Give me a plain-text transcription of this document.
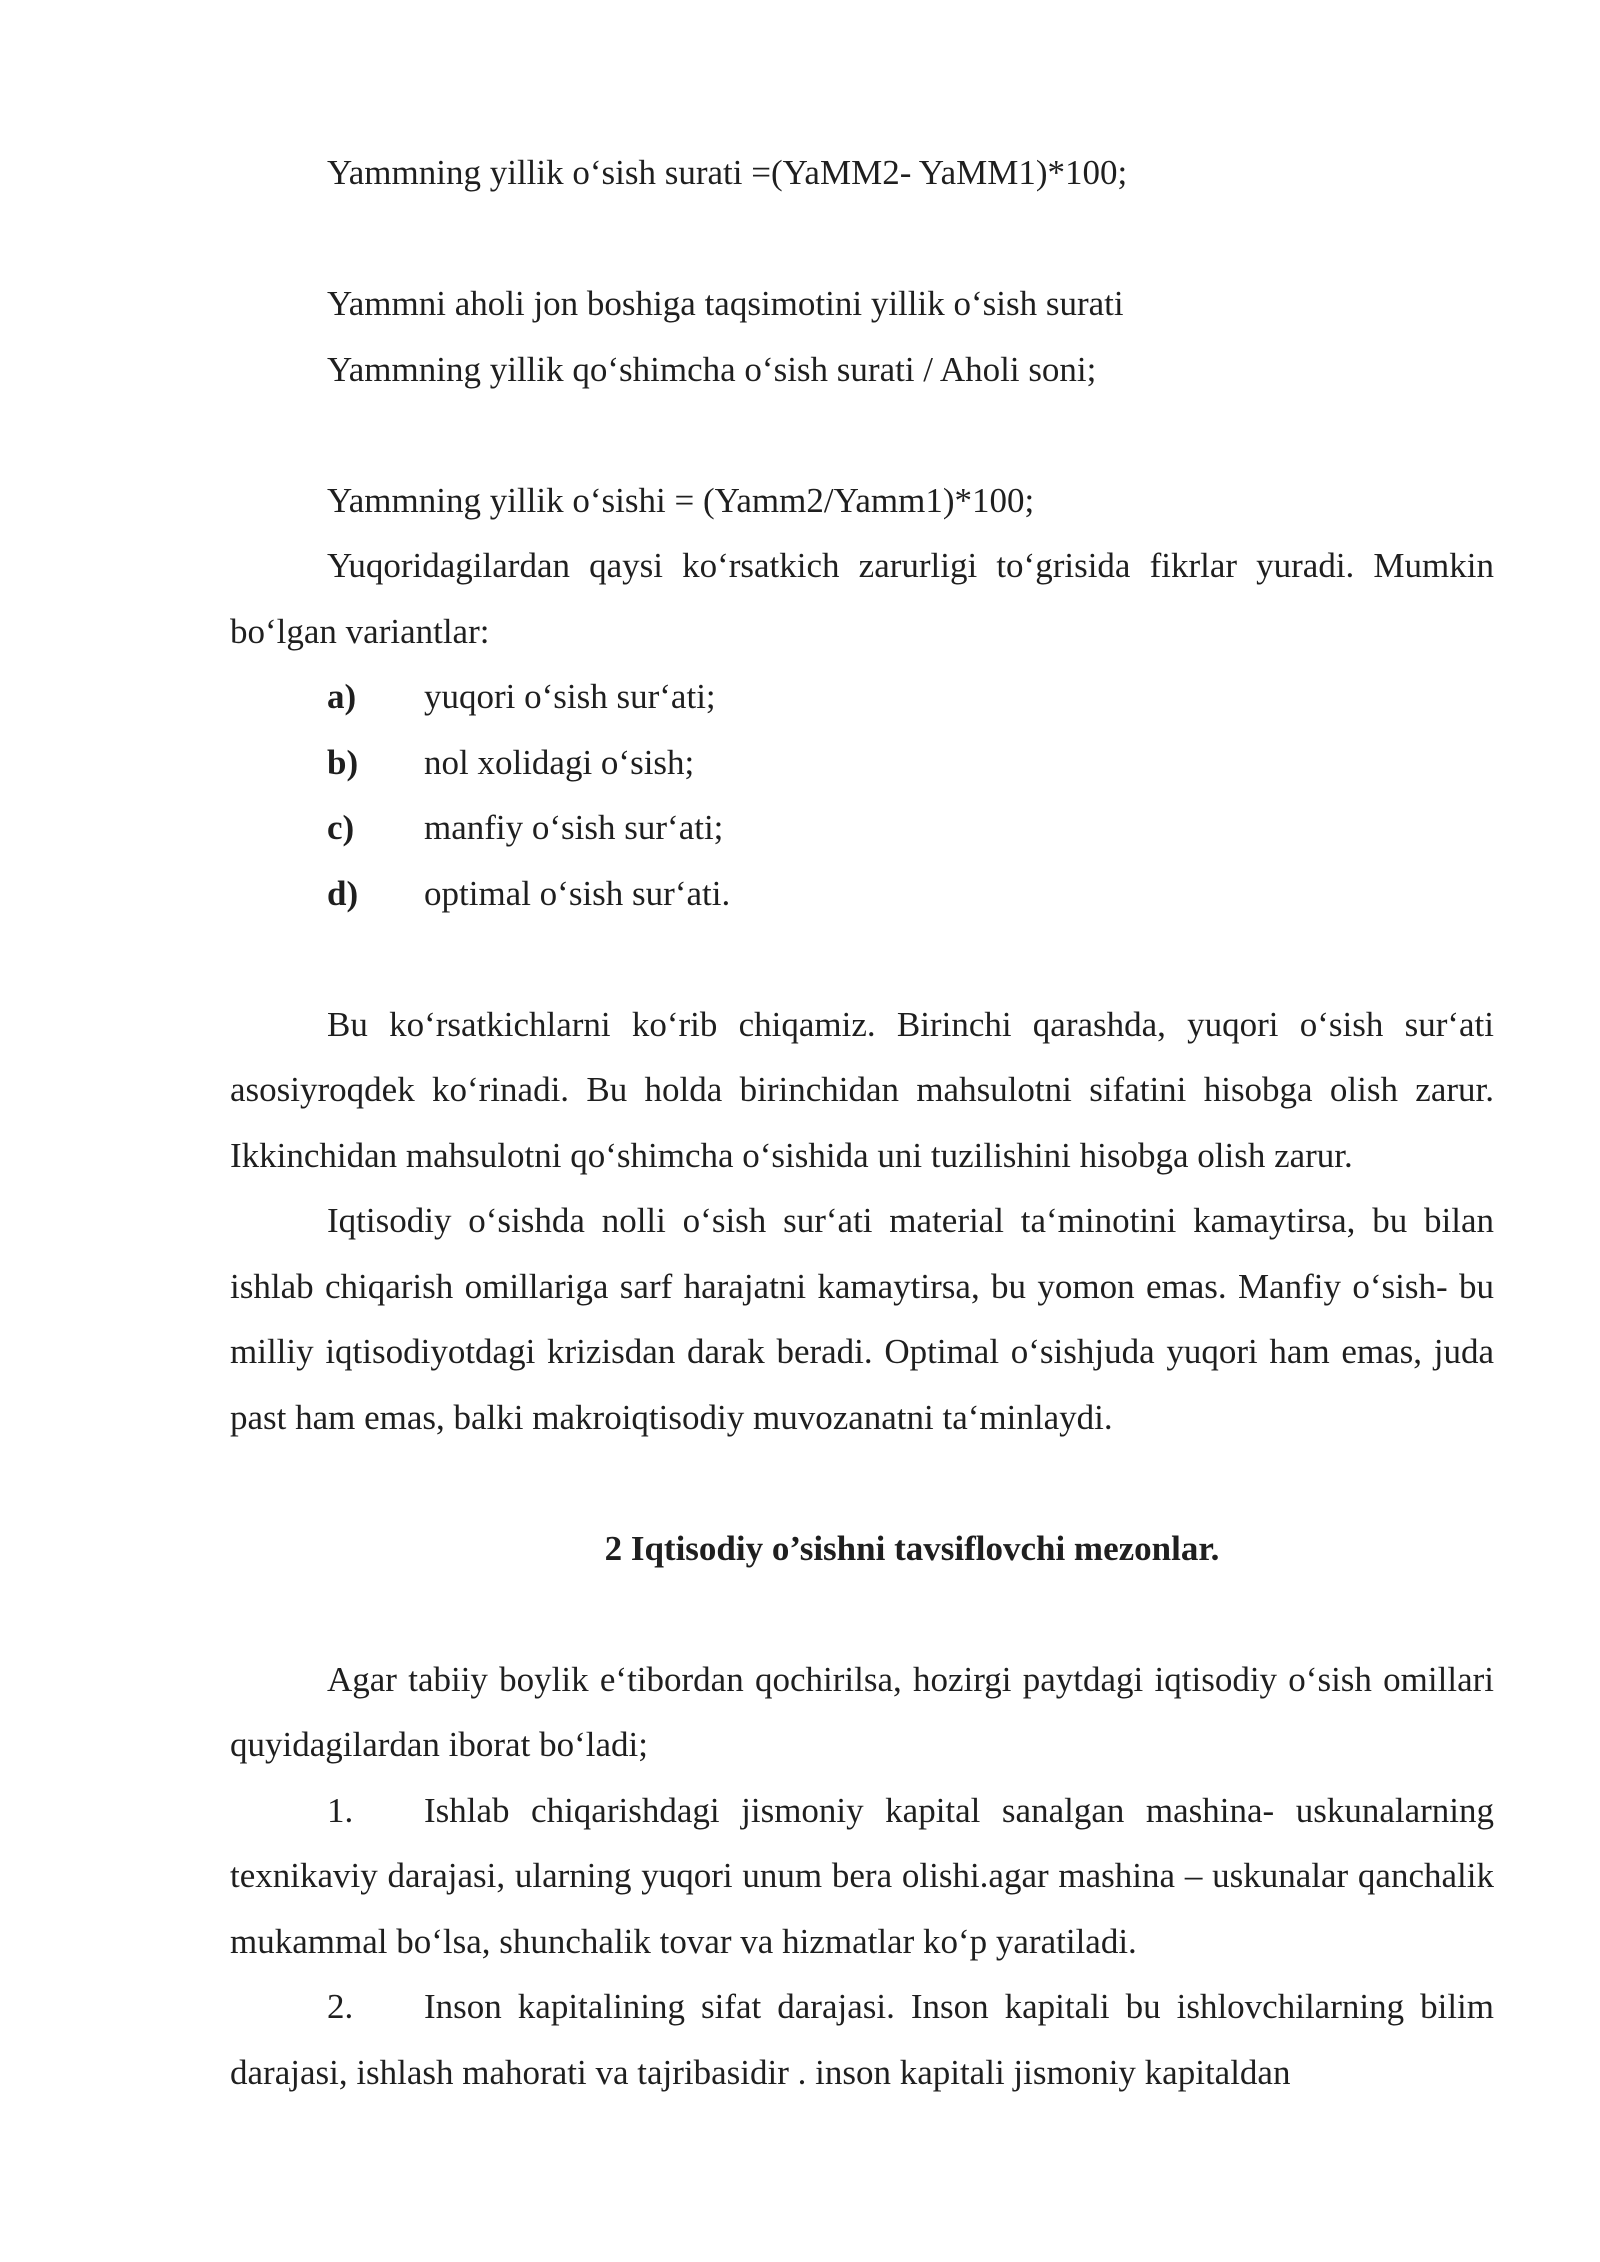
Yammning yillik o‘sish surati =(YaMM2- YaMM1)*100;

Yammni aholi jon boshiga taqsimotini yillik o‘sish surati

Yammning yillik qo‘shimcha o‘sish surati / Aholi soni;

Yammning yillik o‘sishi = (Yamm2/Yamm1)*100;

Yuqoridagilardan qaysi ko‘rsatkich zarurligi to‘grisida fikrlar yuradi. Mumkin bo‘lgan variantlar:

a) yuqori o‘sish sur‘ati;

b) nol xolidagi o‘sish;

c) manfiy o‘sish sur‘ati;

d) optimal o‘sish sur‘ati.

Bu ko‘rsatkichlarni ko‘rib chiqamiz. Birinchi qarashda, yuqori o‘sish sur‘ati asosiyroqdek ko‘rinadi. Bu holda birinchidan mahsulotni sifatini hisobga olish zarur. Ikkinchidan mahsulotni qo‘shimcha o‘sishida uni tuzilishini hisobga olish zarur.

Iqtisodiy o‘sishda nolli o‘sish sur‘ati material ta‘minotini kamaytirsa, bu bilan ishlab chiqarish omillariga sarf harajatni kamaytirsa, bu yomon emas. Manfiy o‘sish- bu milliy iqtisodiyotdagi krizisdan darak beradi. Optimal o‘sishjuda yuqori ham emas, juda past ham emas, balki makroiqtisodiy muvozanatni ta‘minlaydi.

2 Iqtisodiy o’sishni tavsiflovchi mezonlar.

Agar tabiiy boylik e‘tibordan qochirilsa, hozirgi paytdagi iqtisodiy o‘sish omillari quyidagilardan iborat bo‘ladi;

1. Ishlab chiqarishdagi jismoniy kapital sanalgan mashina- uskunalarning texnikaviy darajasi, ularning yuqori unum bera olishi.agar mashina – uskunalar qanchalik mukammal bo‘lsa, shunchalik tovar va hizmatlar ko‘p yaratiladi.

2. Inson kapitalining sifat darajasi. Inson kapitali bu ishlovchilarning bilim darajasi, ishlash mahorati va tajribasidir . inson kapitali jismoniy kapitaldan
